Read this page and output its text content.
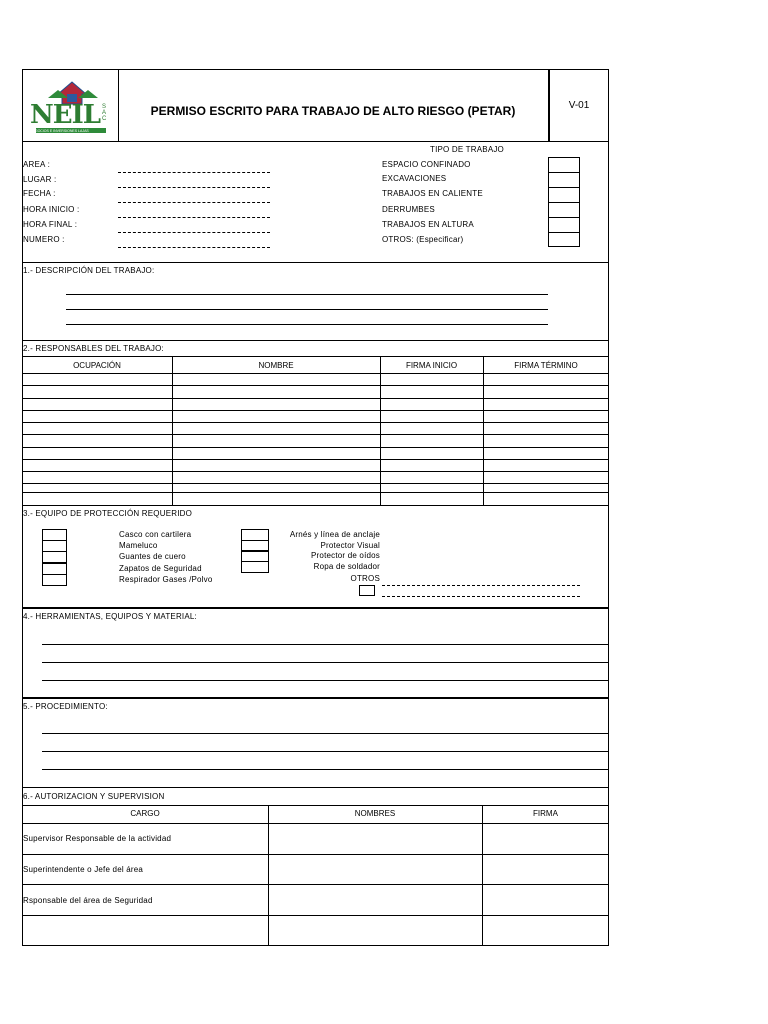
NEIL SAC
NEGOCIOS E INVERSIONES LAJAS
PERMISO ESCRITO PARA TRABAJO DE ALTO RIESGO (PETAR)	V-01
AREA :
LUGAR :
FECHA :
HORA INICIO :
HORA FINAL :
NUMERO :
TIPO DE TRABAJO
ESPACIO CONFINADO
EXCAVACIONES
TRABAJOS EN CALIENTE
DERRUMBES
TRABAJOS EN ALTURA
OTROS: (Especificar)
1.- DESCRIPCIÓN DEL TRABAJO:
2.- RESPONSABLES DEL TRABAJO:
OCUPACIÓN	NOMBRE	FIRMA INICIO	FIRMA TÉRMINO
3.- EQUIPO DE PROTECCIÓN REQUERIDO
Casco con cartilera
Mameluco
Guantes de cuero
Zapatos de Seguridad
Respirador Gases /Polvo
Arnés y línea de anclaje
Protector Visual
Protector de oídos
Ropa de soldador
OTROS
4.- HERRAMIENTAS, EQUIPOS Y MATERIAL:
5.- PROCEDIMIENTO:
6.- AUTORIZACION Y SUPERVISION
CARGO	NOMBRES	FIRMA
Supervisor Responsable de la actividad
Superintendente o Jefe del área
Rsponsable del área de Seguridad
